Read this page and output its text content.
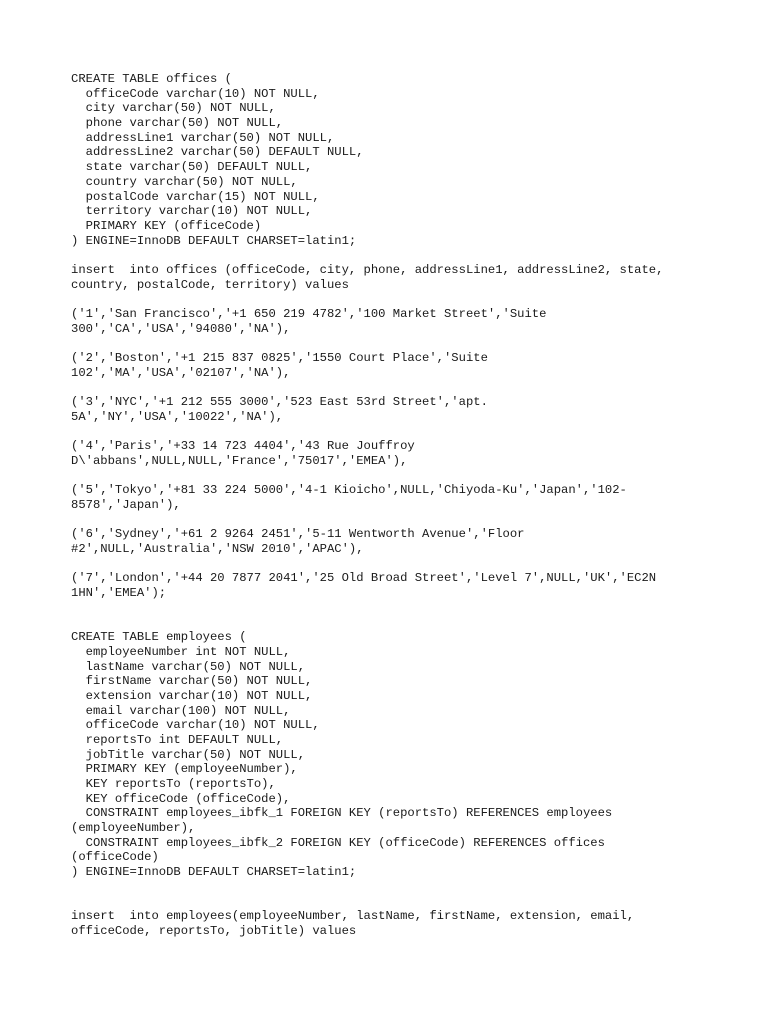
CREATE TABLE offices (
officeCode varchar(10) NOT NULL,
city varchar(50) NOT NULL,
phone varchar(50) NOT NULL,
addressLine1 varchar(50) NOT NULL,
addressLine2 varchar(50) DEFAULT NULL,
state varchar(50) DEFAULT NULL,
country varchar(50) NOT NULL,
postalCode varchar(15) NOT NULL,
territory varchar(10) NOT NULL,
PRIMARY KEY (officeCode)
) ENGINE=InnoDB DEFAULT CHARSET=latin1;
insert  into offices (officeCode, city, phone, addressLine1, addressLine2, state,
country, postalCode, territory) values
('1','San Francisco','+1 650 219 4782','100 Market Street','Suite
300','CA','USA','94080','NA'),
('2','Boston','+1 215 837 0825','1550 Court Place','Suite
102','MA','USA','02107','NA'),
('3','NYC','+1 212 555 3000','523 East 53rd Street','apt.
5A','NY','USA','10022','NA'),
('4','Paris','+33 14 723 4404','43 Rue Jouffroy
D\'abbans',NULL,NULL,'France','75017','EMEA'),
('5','Tokyo','+81 33 224 5000','4-1 Kioicho',NULL,'Chiyoda-Ku','Japan','102-
8578','Japan'),
('6','Sydney','+61 2 9264 2451','5-11 Wentworth Avenue','Floor
#2',NULL,'Australia','NSW 2010','APAC'),
('7','London','+44 20 7877 2041','25 Old Broad Street','Level 7',NULL,'UK','EC2N
1HN','EMEA');
CREATE TABLE employees (
employeeNumber int NOT NULL,
lastName varchar(50) NOT NULL,
firstName varchar(50) NOT NULL,
extension varchar(10) NOT NULL,
email varchar(100) NOT NULL,
officeCode varchar(10) NOT NULL,
reportsTo int DEFAULT NULL,
jobTitle varchar(50) NOT NULL,
PRIMARY KEY (employeeNumber),
KEY reportsTo (reportsTo),
KEY officeCode (officeCode),
CONSTRAINT employees_ibfk_1 FOREIGN KEY (reportsTo) REFERENCES employees
(employeeNumber),
CONSTRAINT employees_ibfk_2 FOREIGN KEY (officeCode) REFERENCES offices
(officeCode)
) ENGINE=InnoDB DEFAULT CHARSET=latin1;
insert  into employees(employeeNumber, lastName, firstName, extension, email,
officeCode, reportsTo, jobTitle) values
